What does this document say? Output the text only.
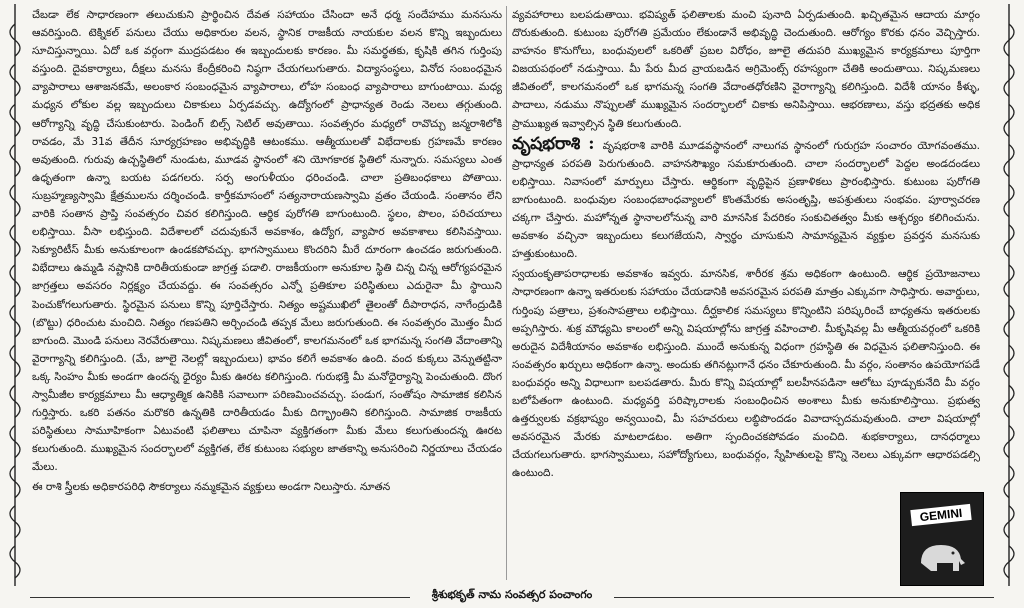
చేబడా లేక సాధారణంగా తలుచుకుని ప్రార్థించిన దేవత సహాయం చేసిందా అనే ధర్మ సందేహము మనసును ఆవరిస్తుంది. టెక్నికల్ పనులు చేయు అధికారుల వలన, స్థానిక రాజకీయ నాయకుల వలన కొన్ని ఇబ్బందులు సూచిస్తున్నాయి. ఏదో ఒక వర్గంగా ముద్రపడటం ఈ ఇబ్బందులకు కారణం. మీ సమర్థతకు, కృషికి తగిన గుర్తింపు వస్తుంది. దైవకార్యాలు, దీక్షలు మనసు కేంద్రీకరించి నిష్ఠగా చేయగలుగుతారు. విద్యాసంస్థలు, వినోద సంబంధమైన వ్యాపారాలు ఆశాజనకమే, అలంకార సంబంధమైన వ్యాపారాలు, లోహ సంబంధ వ్యాపారాలు బాగుంటాయి. మధ్య మధ్యన లోకుల వల్ల ఇబ్బందులు చికాకులు ఏర్పడవచ్చు. ఉద్యోగంలో ప్రాధాన్యత రెండు నెలలు తగ్గుతుంది. ఆరోగ్యాన్ని వృద్ధి చేసుకుంటారు. పెండింగ్ బిల్స్ సెటిల్ అవుతాయి. సంవత్సరం మధ్యలో రావొచ్చు జన్మరాశిలోకి రావడం, మే 31వ తేదీన సూర్యగ్రహణం అభివృద్ధికి ఆటంకము. ఆత్మీయులతో విభేదాలకు గ్రహణమే కారణం అవుతుంది. గురువు ఉచ్చస్థితిలో నుండుట, మూడవ స్థానంలో శని యోగకారక స్థితిలో నున్నారు. సమస్యలు ఎంత ఉధృతంగా ఉన్నా బయట పడగలరు. సర్ప అంగుళీయం ధరించండి. చాలా ప్రతిబంధకాలు పోతాయి. సుబ్రహ్మణ్యస్వామి క్షేత్రములను దర్శించండి. కార్తీకమాసంలో సత్యనారాయణస్వామి వ్రతం చేయండి. సంతానం లేని వారికి సంతాన ప్రాప్తి సంవత్సరం చివర కలిగిస్తుంది. ఆర్థిక పురోగతి బాగుంటుంది. స్థలం, పొలం, పరిచయాలు లభిస్తాయి. వీసా లభిస్తుంది. విదేశాలలో చదువుకునే అవకాశం, ఉద్యోగ, వ్యాపార అవకాశాలు కలిసివస్తాయి. సెక్యూరిటీస్ మీకు అనుకూలంగా ఉండకపోవచ్చు. భాగస్వాములు కొందరిని మీరే దూరంగా ఉంచడం జరుగుతుంది. విభేదాలు ఉమ్మడి నష్టానికి దారితీయకుండా జాగ్రత్త పడాలి. రాజకీయంగా అనుకూల స్థితి చిన్న చిన్న ఆరోగ్యపరమైన జాగ్రత్తలు అవసరం నిర్లక్ష్యం చేయవద్దు. ఈ సంవత్సరం ఎన్నో ప్రతికూల పరిస్థితులు ఎదురైనా మీ స్థాయిని పెంచుకోగలుగుతారు. స్థిరమైన పనులు కొన్ని పూర్తిచేస్తారు. నిత్యం అష్టముఖిలో తైలంతో దీపారాధన, నాగేంద్రుడికి (బొట్టు) ధరించుట మంచిది. నిత్యం గణపతిని అర్చించండి తప్పక మేలు జరుగుతుంది. ఈ సంవత్సరం మొత్తం మీద బాగుంది. మొండి పనులు నెరవేరుతాయి. నిష్కమణలు జీవితంలో, కాలగమనంలో ఒక భాగమన్న సంగతి వేదాంతాన్ని వైరాగ్యాన్ని కలిగిస్తుంది. (మే, జూలై నెలల్లో ఇబ్బందులు) భావం కలిగే అవకాశం ఉంది. వంద కుక్కలు వెన్నుతట్టినా ఒక్క సింహం మీకు అండగా ఉందన్న ధైర్యం మీకు ఊరట కలిగిస్తుంది. గురుభక్తి మీ మనోధైర్యాన్ని పెంచుతుంది. దొంగ స్వామీజీల కార్యక్రమాలు మీ ఆధ్యాత్మిక ఉనికికి సవాలుగా పరిణమించవచ్చు. పండుగ, సంతోషం సామాజిక కలిసిన గుర్తిస్తారు. ఒకరి పతనం మరొకరి ఉన్నతికి దారితీయడం మీకు దిగ్భ్రాంతిని కలిగిస్తుంది. సామాజిక రాజకీయ పరిస్థితులు సామూహికంగా ఏటువంటి ఫలితాలు చూపినా వ్యక్తిగతంగా మీకు మేలు కలుగుతుందన్న ఊరట కలుగుతుంది. ముఖ్యమైన సందర్భాలలో వ్యక్తిగత, లేక కుటుంబ సభ్యుల జాతకాన్ని అనుసరించి నిర్ణయాలు చేయడం మేలు.

ఈ రాశి స్త్రీలకు అధికారపరిధి సౌకర్యాలు నమ్మకమైన వ్యక్తులు అండగా నిలుస్తారు. నూతన

వ్యవహారాలు బలపడుతాయి. భవిష్యత్ ఫలితాలకు మంచి పునాది ఏర్పడుతుంది. ఖచ్చితమైన ఆదాయ మార్గం దొరుకుతుంది. కుటుంబ పురోగతి ప్రమేయం లేకుండానే అభివృద్ధి చెందుతుంది. ఆరోగ్యం కొరకు ధనం వెచ్చిస్తారు. వాహనం కొనుగోలు, బంధువులలో ఒకరితో ప్రబల విరోధం, జూలై తదుపరి ముఖ్యమైన కార్యక్రమాలు పూర్తిగా విజయపథంలో నడుస్తాయి. మీ పేరు మీద వ్రాయబడిన అగ్రిమెంట్స్ రహస్యంగా చేతికి అందుతాయి. నిష్కమణలు జీవితంలో, కాలగమనంలో ఒక భాగమన్న సంగతి వేదాంతధోరణిని వైరాగ్యాన్ని కలిగిస్తుంది. విదేశీ యానం కీళ్ళు, పాదాలు, నడుము నొప్పులతో ముఖ్యమైన సందర్భాలలో చికాకు అనిపిస్తాయి. ఆభరణాలు, వస్తు భద్రతకు అధిక ప్రాముఖ్యత ఇవ్వాల్సిన స్థితి కలుగుతుంది.

వృషభరాశి : వృషభరాశి వారికి మూడవస్థానంలో నాలుగవ స్థానంలో గురుగ్రహ సంచారం యోగవంతము. ప్రాధాన్యత పరపతి పెరుగుతుంది. వాహనసౌఖ్యం సమకూరుతుంది. చాలా సందర్భాలలో పెద్దల అండదండలు లభిస్తాయి. నివాసంలో మార్పులు చేస్తారు. ఆర్థికంగా వృద్ధిపైన ప్రణాళికలు ప్రారంభిస్తారు. కుటుంబ పురోగతి బాగుంటుంది. బంధువుల సంబంధబాంధవ్యాలలో కొంతమేరకు అసంతృప్తి, అపశ్రుతులు సంభవం. పూర్వాచరణ చక్కగా చేస్తారు. మహోన్నత స్థానాలలోనున్న వారి మానసిక పేదరికం సంకుచితత్వం మీకు ఆశ్చర్యం కలిగించును. అవకాశం వచ్చినా ఇబ్బందులు కలుగజేయని, స్వార్థం చూసుకుని సామాన్యమైన వ్యక్తుల ప్రవర్తన మనసుకు హత్తుకుంటుంది.

స్వయంకృతాపరాధాలకు అవకాశం ఇవ్వరు. మానసిక, శారీరక శ్రమ అధికంగా ఉంటుంది. ఆర్థిక ప్రయోజనాలు సాధారణంగా ఉన్నా ఇతరులకు సహాయం చేయడానికి అవసరమైన పరపతి మాత్రం ఎక్కువగా సాధిస్తారు. అవార్డులు, గుర్తింపు పత్రాలు, ప్రశంసాపత్రాలు లభిస్తాయి. దీర్ఘకాలిక సమస్యలు కొన్నింటిని పరిష్కరించే బాధ్యతను ఇతరులకు అప్పగిస్తారు. శుక్ర మౌఢ్యమి కాలంలో అన్ని విషయాల్లోను జాగ్రత్త వహించాలి. మీకృషివల్ల మీ ఆత్మీయవర్గంలో ఒకరికి అరుదైన విదేశీయానం అవకాశం లభిస్తుంది. ముందే అనుకున్న విధంగా గ్రహస్థితి ఈ విధమైన ఫలితానిస్తుంది. ఈ సంవత్సరం ఖర్చులు అధికంగా ఉన్నా. అందుకు తగినట్లుగానే ధనం చేకూరుతుంది. మీ వర్గం, సంతానం ఉపయోగపడే బంధువర్గం అన్ని విధాలుగా బలపడతారు. మీరు కొన్ని విషయాల్లో బలహీనపడినా ఆలోటు పూడ్చుకునేది మీ వర్గం బలోపేతంగా ఉంటుంది. మధ్యవర్తి పరిష్కారాలకు సంబంధించిన అంశాలు మీకు అనుకూలిస్తాయి. ప్రభుత్వ ఉత్తర్వులకు వక్రభాష్యం అన్వయించి, మీ సహచరులు లబ్ధిపొందడం వివాదాస్పదమవుతుంది. చాలా విషయాల్లో అవసరమైన మేరకు మాటలాడటం. అతిగా స్పందించకపోవడం మంచిది. శుభకార్యాలు, దానధర్మాలు చేయగలుగుతారు. భాగస్వాములు, సహోద్యోగులు, బంధువర్గం, స్నేహితులపై కొన్ని నెలలు ఎక్కువగా ఆధారపడల్సి ఉంటుంది.

GEMINI
శ్రీశుభకృత్ నామ సంవత్సర పంచాంగం
